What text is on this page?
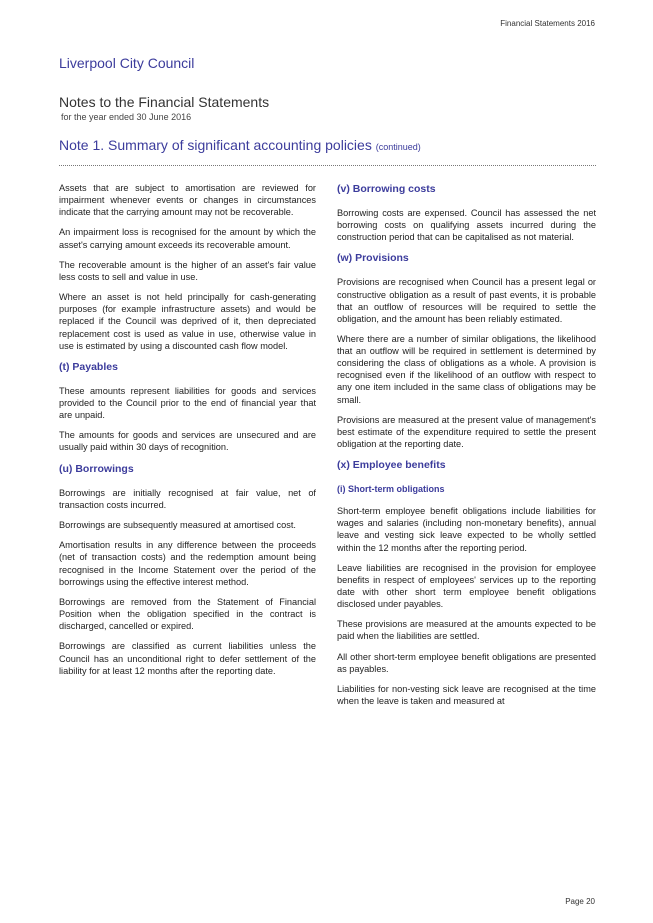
Financial Statements 2016
Liverpool City Council
Notes to the Financial Statements
for the year ended 30 June 2016
Note 1. Summary of significant accounting policies (continued)

Assets that are subject to amortisation are reviewed for impairment whenever events or changes in circumstances indicate that the carrying amount may not be recoverable.

An impairment loss is recognised for the amount by which the asset's carrying amount exceeds its recoverable amount.

The recoverable amount is the higher of an asset's fair value less costs to sell and value in use.

Where an asset is not held principally for cash-generating purposes (for example infrastructure assets) and would be replaced if the Council was deprived of it, then depreciated replacement cost is used as value in use, otherwise value in use is estimated by using a discounted cash flow model.

(t) Payables

These amounts represent liabilities for goods and services provided to the Council prior to the end of financial year that are unpaid.

The amounts for goods and services are unsecured and are usually paid within 30 days of recognition.

(u) Borrowings

Borrowings are initially recognised at fair value, net of transaction costs incurred.

Borrowings are subsequently measured at amortised cost.

Amortisation results in any difference between the proceeds (net of transaction costs) and the redemption amount being recognised in the Income Statement over the period of the borrowings using the effective interest method.

Borrowings are removed from the Statement of Financial Position when the obligation specified in the contract is discharged, cancelled or expired.

Borrowings are classified as current liabilities unless the Council has an unconditional right to defer settlement of the liability for at least 12 months after the reporting date.

(v) Borrowing costs

Borrowing costs are expensed. Council has assessed the net borrowing costs on qualifying assets incurred during the construction period that can be capitalised as not material.

(w) Provisions

Provisions are recognised when Council has a present legal or constructive obligation as a result of past events, it is probable that an outflow of resources will be required to settle the obligation, and the amount has been reliably estimated.

Where there are a number of similar obligations, the likelihood that an outflow will be required in settlement is determined by considering the class of obligations as a whole. A provision is recognised even if the likelihood of an outflow with respect to any one item included in the same class of obligations may be small.

Provisions are measured at the present value of management's best estimate of the expenditure required to settle the present obligation at the reporting date.

(x) Employee benefits
(i) Short-term obligations

Short-term employee benefit obligations include liabilities for wages and salaries (including non-monetary benefits), annual leave and vesting sick leave expected to be wholly settled within the 12 months after the reporting period.

Leave liabilities are recognised in the provision for employee benefits in respect of employees' services up to the reporting date with other short term employee benefit obligations disclosed under payables.

These provisions are measured at the amounts expected to be paid when the liabilities are settled.

All other short-term employee benefit obligations are presented as payables.

Liabilities for non-vesting sick leave are recognised at the time when the leave is taken and measured at

Page 20
